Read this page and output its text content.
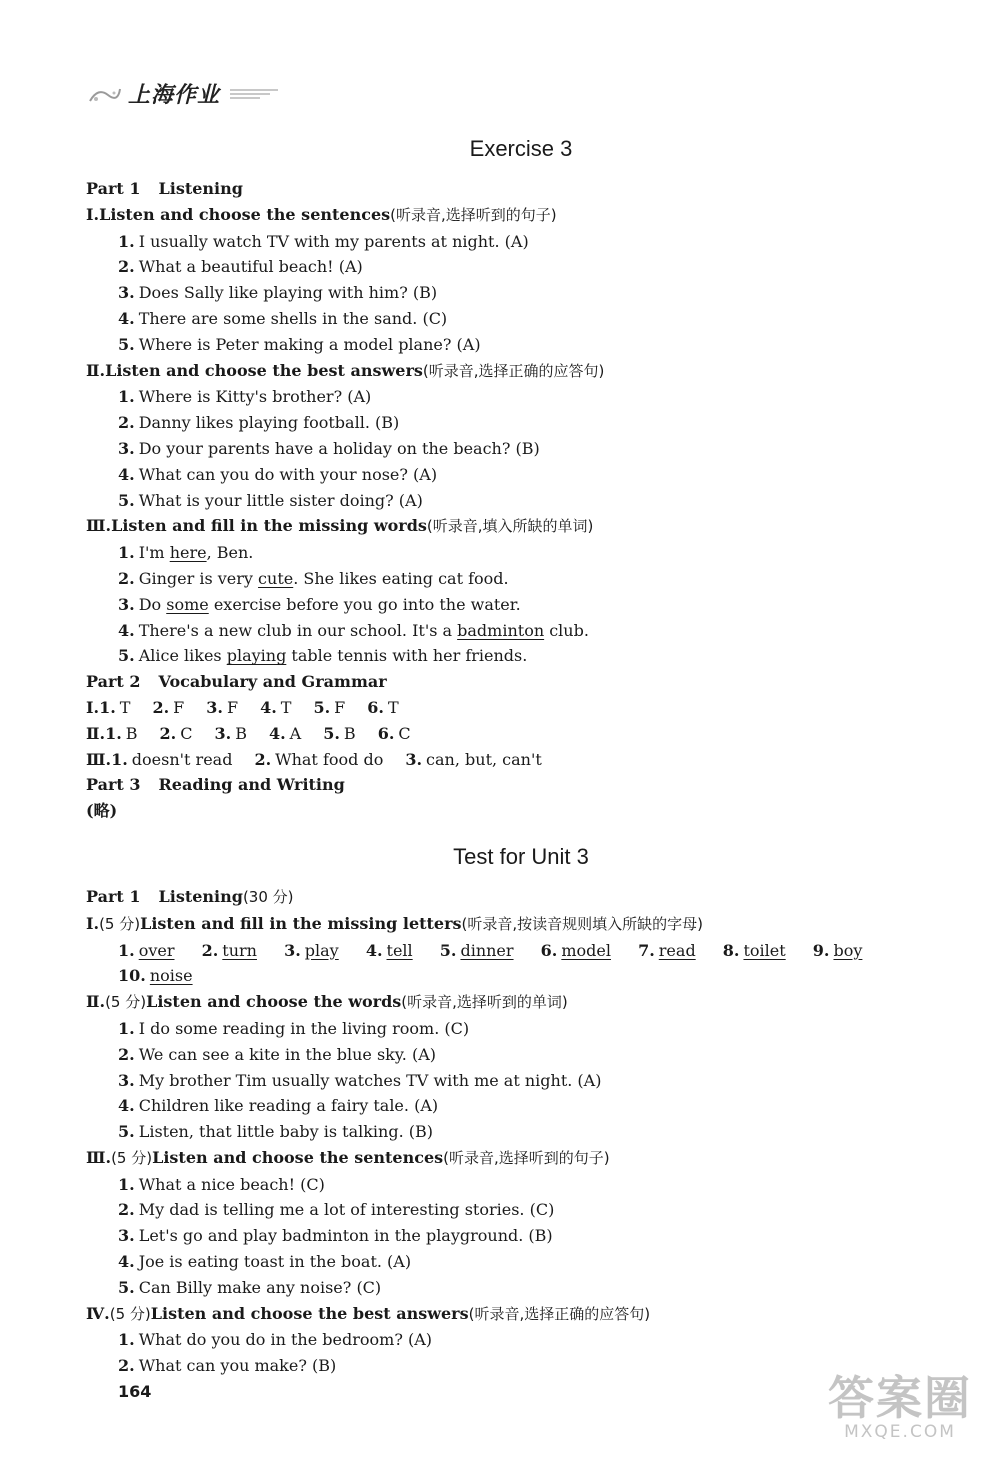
上海作业
Exercise 3
Part 1 Listening
Ⅰ.Listen and choose the sentences(听录音,选择听到的句子)
1. I usually watch TV with my parents at night. (A)
2. What a beautiful beach! (A)
3. Does Sally like playing with him? (B)
4. There are some shells in the sand. (C)
5. Where is Peter making a model plane? (A)
Ⅱ.Listen and choose the best answers(听录音,选择正确的应答句)
1. Where is Kitty's brother? (A)
2. Danny likes playing football. (B)
3. Do your parents have a holiday on the beach? (B)
4. What can you do with your nose? (A)
5. What is your little sister doing? (A)
Ⅲ.Listen and fill in the missing words(听录音,填入所缺的单词)
1. I'm here, Ben.
2. Ginger is very cute. She likes eating cat food.
3. Do some exercise before you go into the water.
4. There's a new club in our school. It's a badminton club.
5. Alice likes playing table tennis with her friends.
Part 2 Vocabulary and Grammar
Ⅰ.1. T 2. F 3. F 4. T 5. F 6. T
Ⅱ.1. B 2. C 3. B 4. A 5. B 6. C
Ⅲ.1. doesn't read 2. What food do 3. can, but, can't
Part 3 Reading and Writing
(略)
Test for Unit 3
Part 1 Listening(30 分)
Ⅰ.(5 分)Listen and fill in the missing letters(听录音,按读音规则填入所缺的字母)
1. over 2. turn 3. play 4. tell 5. dinner 6. model 7. read 8. toilet 9. boy
10. noise
Ⅱ.(5 分)Listen and choose the words(听录音,选择听到的单词)
1. I do some reading in the living room. (C)
2. We can see a kite in the blue sky. (A)
3. My brother Tim usually watches TV with me at night. (A)
4. Children like reading a fairy tale. (A)
5. Listen, that little baby is talking. (B)
Ⅲ.(5 分)Listen and choose the sentences(听录音,选择听到的句子)
1. What a nice beach! (C)
2. My dad is telling me a lot of interesting stories. (C)
3. Let's go and play badminton in the playground. (B)
4. Joe is eating toast in the boat. (A)
5. Can Billy make any noise? (C)
Ⅳ.(5 分)Listen and choose the best answers(听录音,选择正确的应答句)
1. What do you do in the bedroom? (A)
2. What can you make? (B)
164	答案圈
MXQE.COM
